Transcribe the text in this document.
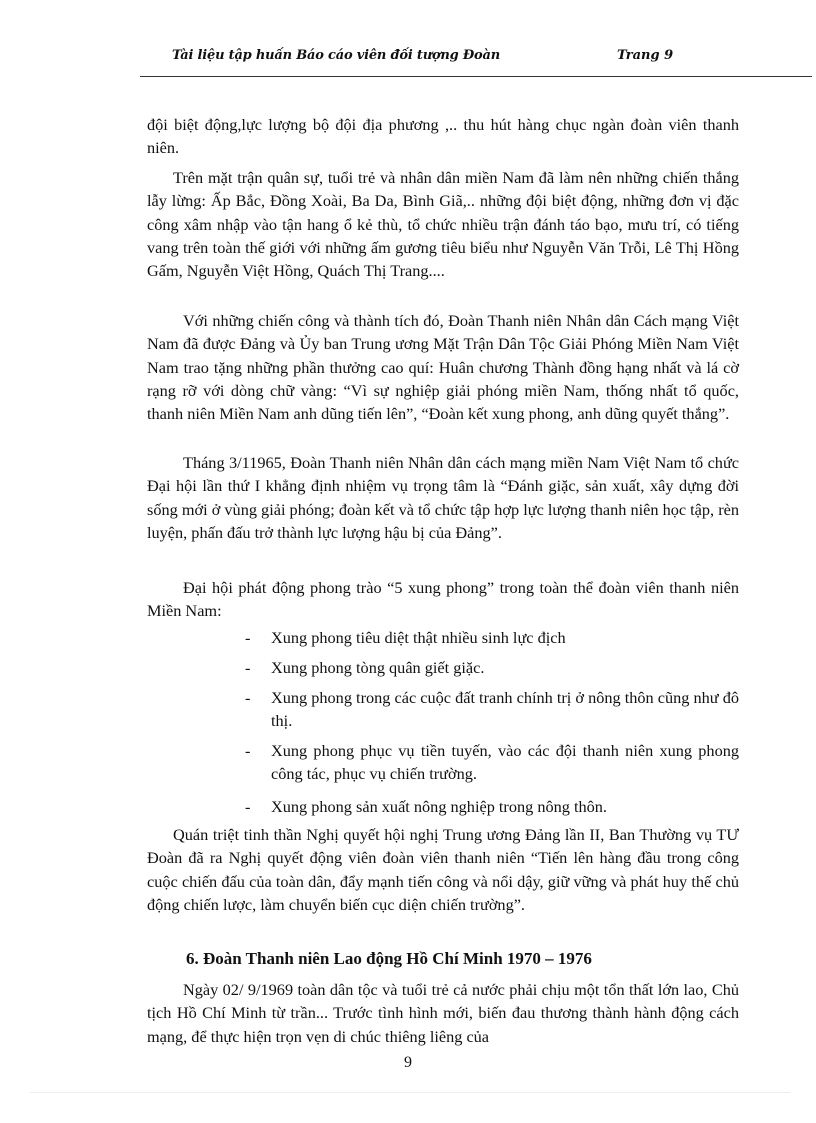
Tài liệu tập huấn Báo cáo viên đối tượng Đoàn	Trang 9
đội biệt động,lực lượng bộ đội địa phương ,.. thu hút hàng chục ngàn đoàn viên thanh niên.
Trên mặt trận quân sự, tuổi trẻ và nhân dân miền Nam đã làm nên những chiến thắng lẫy lừng: Ấp Bắc, Đồng Xoài, Ba Da, Bình Giã,.. những đội biệt động, những đơn vị đặc công xâm nhập vào tận hang ổ kẻ thù, tổ chức nhiều trận đánh táo bạo, mưu trí, có tiếng vang trên toàn thế giới với những ấm gương tiêu biểu như Nguyễn Văn Trỗi, Lê Thị Hồng Gấm, Nguyễn Việt Hồng, Quách Thị Trang....
Với những chiến công và thành tích đó, Đoàn Thanh niên Nhân dân Cách mạng Việt Nam đã được Đảng và Ủy ban Trung ương Mặt Trận Dân Tộc Giải Phóng Miền Nam Việt Nam trao tặng những phần thưởng cao quí: Huân chương Thành đồng hạng nhất và lá cờ rạng rỡ với dòng chữ vàng: “Vì sự nghiệp giải phóng miền Nam, thống nhất tổ quốc, thanh niên Miền Nam anh dũng tiến lên”, “Đoàn kết xung phong, anh dũng quyết thắng”.
Tháng 3/11965, Đoàn Thanh niên Nhân dân cách mạng miền Nam Việt Nam tổ chức Đại hội lần thứ I khẳng định nhiệm vụ trọng tâm là “Đánh giặc, sản xuất, xây dựng đời sống mới ở vùng giải phóng; đoàn kết và tổ chức tập hợp lực lượng thanh niên học tập, rèn luyện, phấn đấu trở thành lực lượng hậu bị của Đảng”.
Đại hội phát động phong trào “5 xung phong” trong toàn thể đoàn viên thanh niên Miền Nam:
- Xung phong tiêu diệt thật nhiều sinh lực địch
- Xung phong tòng quân giết giặc.
- Xung phong trong các cuộc đất tranh chính trị ở nông thôn cũng như đô thị.
- Xung phong phục vụ tiền tuyến, vào các đội thanh niên xung phong công tác, phục vụ chiến trường.
- Xung phong sản xuất nông nghiệp trong nông thôn.
Quán triệt tinh thần Nghị quyết hội nghị Trung ương Đảng lần II, Ban Thường vụ TƯ Đoàn đã ra Nghị quyết động viên đoàn viên thanh niên “Tiến lên hàng đầu trong công cuộc chiến đấu của toàn dân, đẩy mạnh tiến công và nổi dậy, giữ vững và phát huy thế chủ động chiến lược, làm chuyển biến cục diện chiến trường”.
6. Đoàn Thanh niên Lao động Hồ Chí Minh 1970 – 1976
Ngày 02/ 9/1969 toàn dân tộc và tuổi trẻ cả nước phải chịu một tổn thất lớn lao, Chủ tịch Hồ Chí Minh từ trần... Trước tình hình mới, biến đau thương thành hành động cách mạng, để thực hiện trọn vẹn di chúc thiêng liêng của
9
